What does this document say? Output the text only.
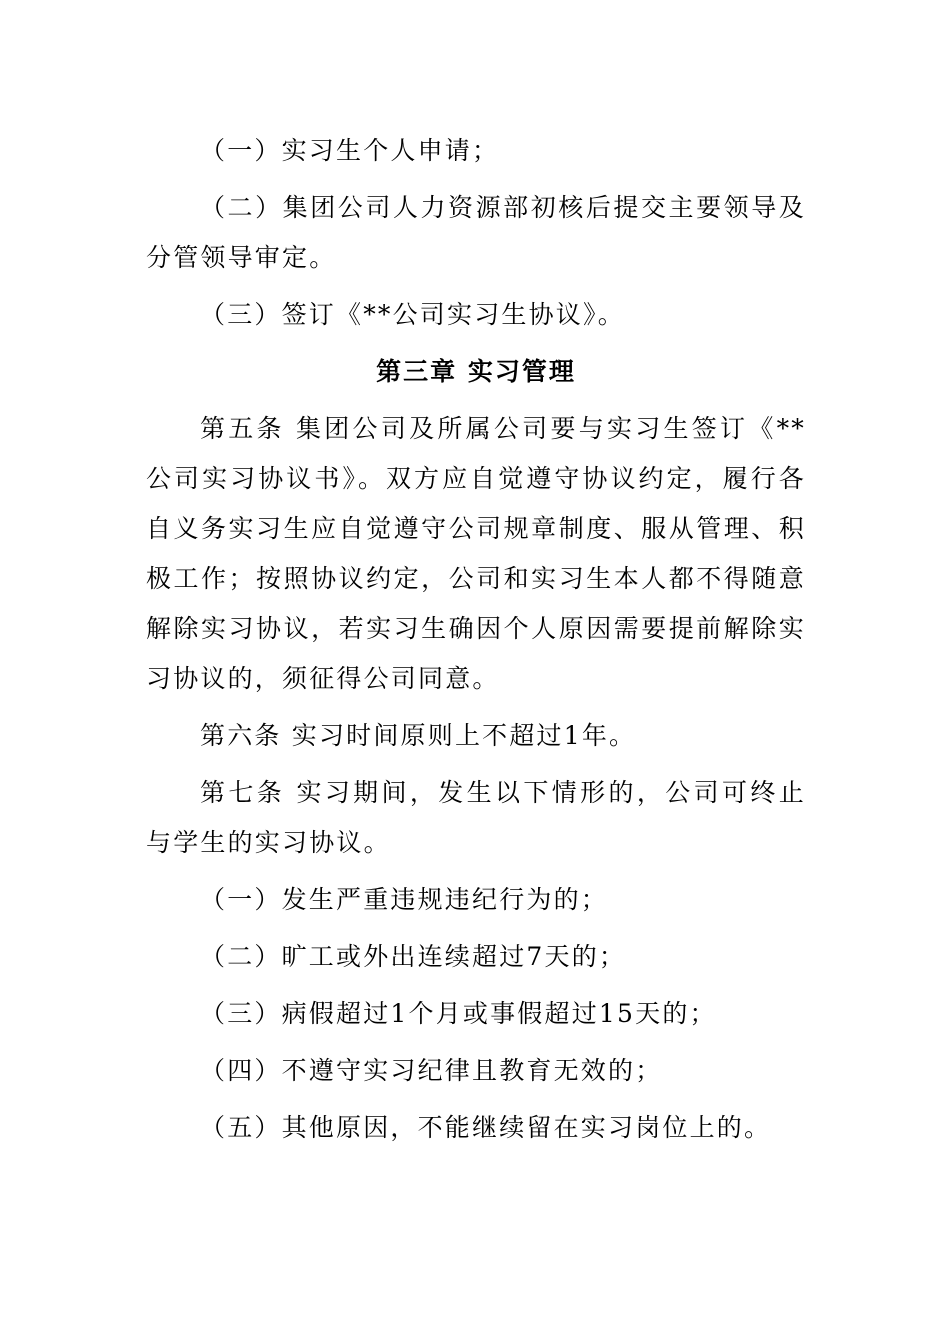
（一）实习生个人申请；

（二）集团公司人力资源部初核后提交主要领导及分管领导审定。

（三）签订《**公司实习生协议》。

第三章 实习管理

第五条 集团公司及所属公司要与实习生签订《**公司实习协议书》。双方应自觉遵守协议约定，履行各自义务实习生应自觉遵守公司规章制度、服从管理、积极工作；按照协议约定，公司和实习生本人都不得随意解除实习协议，若实习生确因个人原因需要提前解除实习协议的，须征得公司同意。

第六条 实习时间原则上不超过1年。

第七条 实习期间，发生以下情形的，公司可终止与学生的实习协议。

（一）发生严重违规违纪行为的；

（二）旷工或外出连续超过7天的；

（三）病假超过1个月或事假超过15天的；

（四）不遵守实习纪律且教育无效的；

（五）其他原因，不能继续留在实习岗位上的。
